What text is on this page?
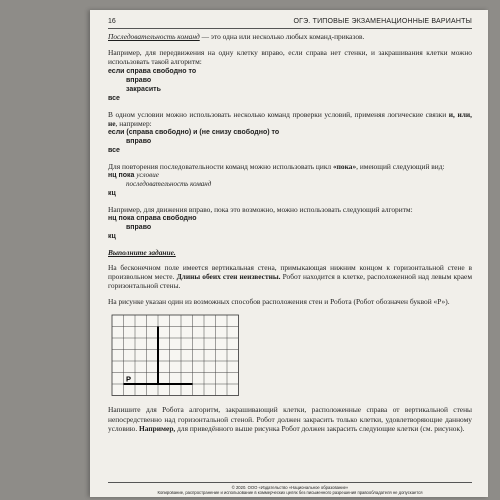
16	ОГЭ. ТИПОВЫЕ ЭКЗАМЕНАЦИОННЫЕ ВАРИАНТЫ

Последовательность команд — это одна или несколько любых команд-приказов.

Например, для передвижения на одну клетку вправо, если справа нет стенки, и закрашивания клетки можно использовать такой алгоритм:

если справа свободно то
вправо
закрасить
все

В одном условии можно использовать несколько команд проверки условий, применяя логические связки и, или, не, например:

если (справа свободно) и (не снизу свободно) то
вправо
все

Для повторения последовательности команд можно использовать цикл «пока», имеющий следующий вид:

нц пока условие
последовательность команд
кц

Например, для движения вправо, пока это возможно, можно использовать следующий алгоритм:

нц пока справа свободно
вправо
кц
Выполните задание.

На бесконечном поле имеется вертикальная стена, примыкающая нижним концом к горизонтальной стене в произвольном месте. Длины обеих стен неизвестны. Робот находится в клетке, расположенной над левым краем горизонтальной стены.

На рисунке указан один из возможных способов расположения стен и Робота (Робот обозначен буквой «Р»).

Р

Напишите для Робота алгоритм, закрашивающий клетки, расположенные справа от вертикальной стены непосредственно над горизонтальной стеной. Робот должен закрасить только клетки, удовлетворяющие данному условию. Например, для приведённого выше рисунка Робот должен закрасить следующие клетки (см. рисунок).

© 2020. ООО «Издательство «Национальное образование»
Копирование, распространение и использование в коммерческих целях без письменного разрешения правообладателя не допускается
